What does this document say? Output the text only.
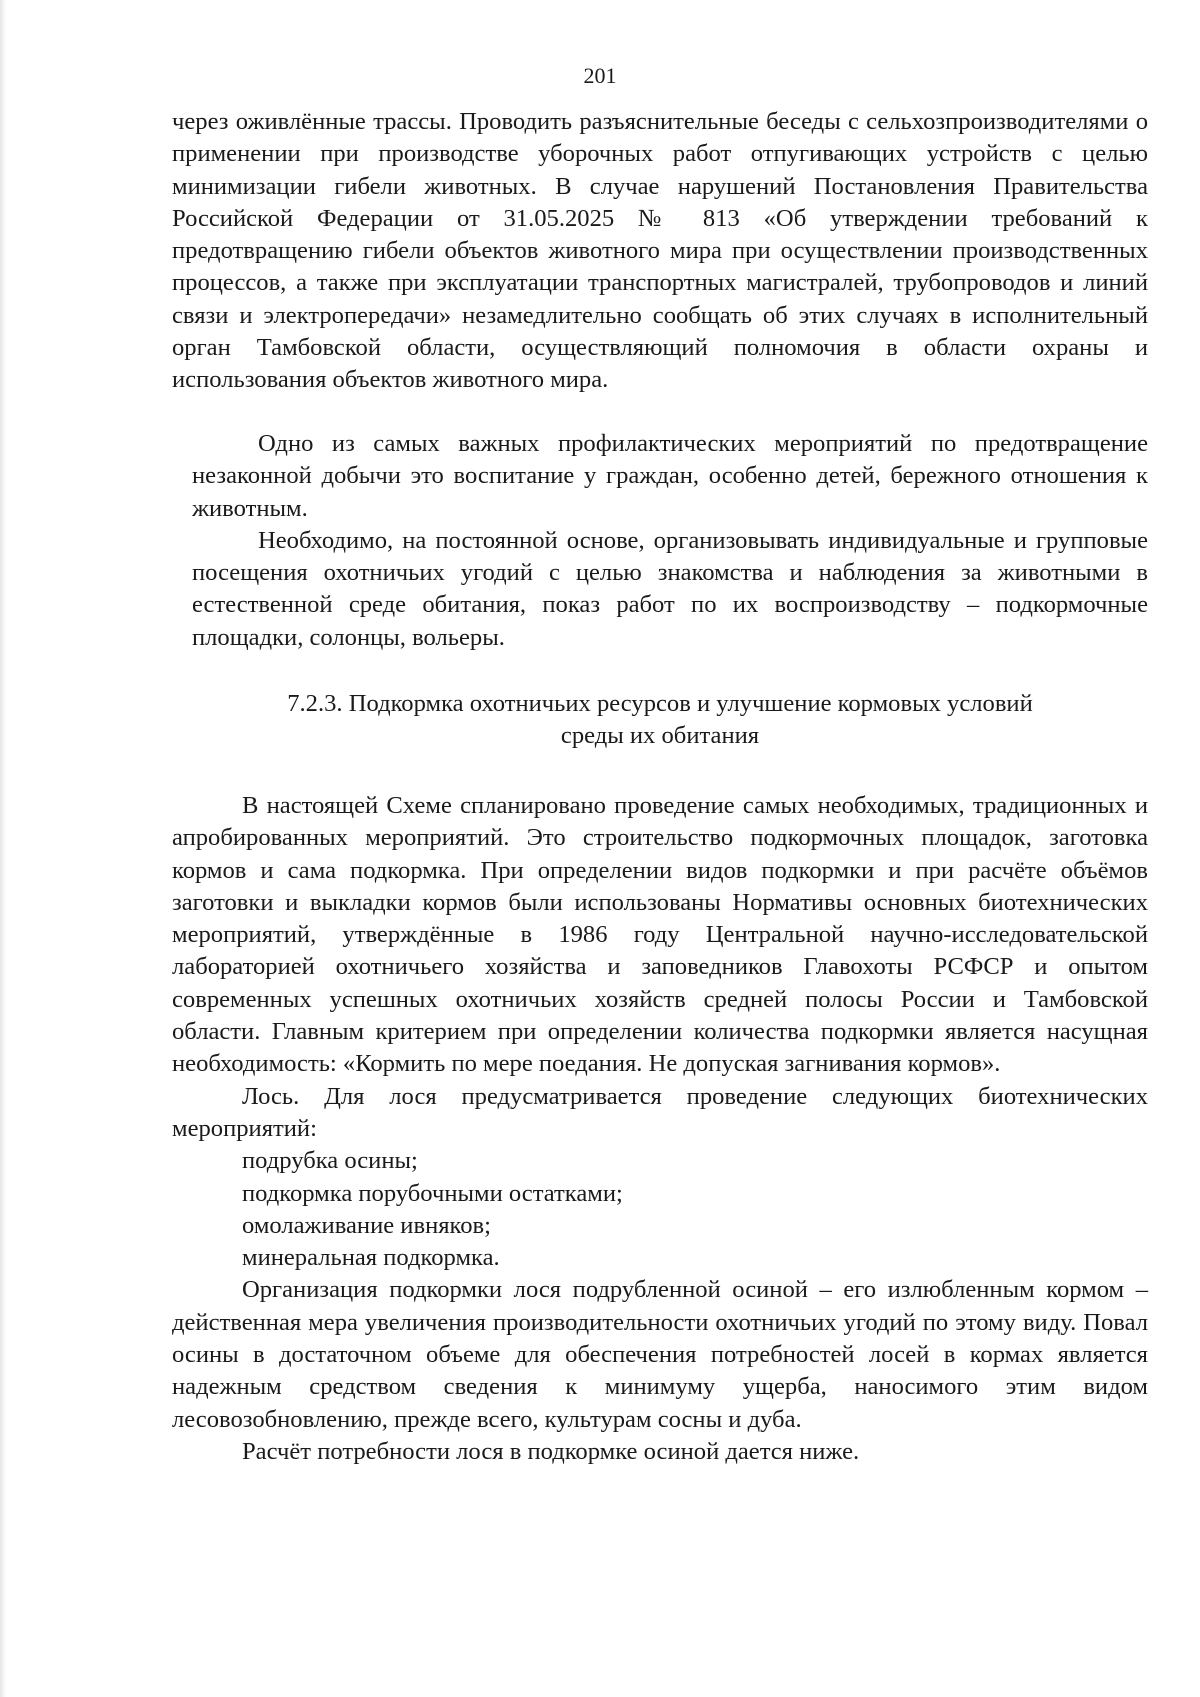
201

через оживлённые трассы. Проводить разъяснительные беседы с сельхозпроизводителями о применении при производстве уборочных работ отпугивающих устройств с целью минимизации гибели животных. В случае нарушений Постановления Правительства Российской Федерации от 31.05.2025 № 813 «Об утверждении требований к предотвращению гибели объектов животного мира при осуществлении производственных процессов, а также при эксплуатации транспортных магистралей, трубопроводов и линий связи и электропередачи» незамедлительно сообщать об этих случаях в исполнительный орган Тамбовской области, осуществляющий полномочия в области охраны и использования объектов животного мира.

Одно из самых важных профилактических мероприятий по предотвращение незаконной добычи это воспитание у граждан, особенно детей, бережного отношения к животным.

Необходимо, на постоянной основе, организовывать индивидуальные и групповые посещения охотничьих угодий с целью знакомства и наблюдения за животными в естественной среде обитания, показ работ по их воспроизводству – подкормочные площадки, солонцы, вольеры.

7.2.3. Подкормка охотничьих ресурсов и улучшение кормовых условий
среды их обитания

В настоящей Схеме спланировано проведение самых необходимых, традиционных и апробированных мероприятий. Это строительство подкормочных площадок, заготовка кормов и сама подкормка. При определении видов подкормки и при расчёте объёмов заготовки и выкладки кормов были использованы Нормативы основных биотехнических мероприятий, утверждённые в 1986 году Центральной научно-исследовательской лабораторией охотничьего хозяйства и заповедников Главохоты РСФСР и опытом современных успешных охотничьих хозяйств средней полосы России и Тамбовской области. Главным критерием при определении количества подкормки является насущная необходимость: «Кормить по мере поедания. Не допуская загнивания кормов».

Лось. Для лося предусматривается проведение следующих биотехнических мероприятий:

подрубка осины;

подкормка порубочными остатками;

омолаживание ивняков;

минеральная подкормка.

Организация подкормки лося подрубленной осиной – его излюбленным кормом – действенная мера увеличения производительности охотничьих угодий по этому виду. Повал осины в достаточном объеме для обеспечения потребностей лосей в кормах является надежным средством сведения к минимуму ущерба, наносимого этим видом лесовозобновлению, прежде всего, культурам сосны и дуба.

Расчёт потребности лося в подкормке осиной дается ниже.
